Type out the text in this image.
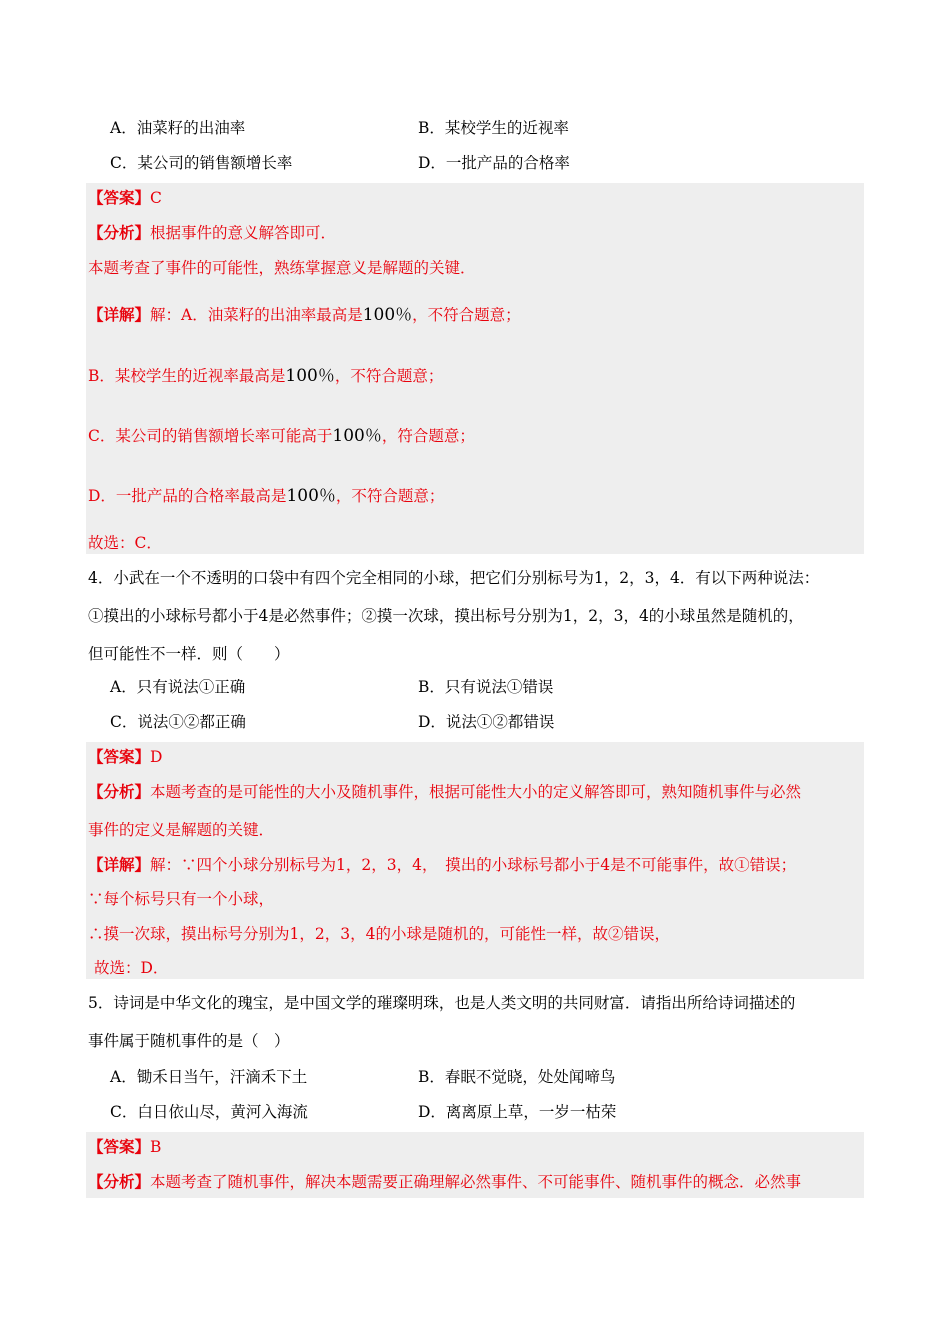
A．油菜籽的出油率	B．某校学生的近视率
C．某公司的销售额增长率	D．一批产品的合格率
【答案】C
【分析】根据事件的意义解答即可．
本题考查了事件的可能性，熟练掌握意义是解题的关键．
【详解】解：A．油菜籽的出油率最高是100％，不符合题意；
B．某校学生的近视率最高是100％，不符合题意；
C．某公司的销售额增长率可能高于100％，符合题意；
D．一批产品的合格率最高是100％，不符合题意；
故选：C．
4．小武在一个不透明的口袋中有四个完全相同的小球，把它们分别标号为1，2，3，4．有以下两种说法：
①摸出的小球标号都小于4是必然事件；②摸一次球，摸出标号分别为1，2，3，4的小球虽然是随机的，
但可能性不一样．则（　　）
A．只有说法①正确	B．只有说法①错误
C．说法①②都正确	D．说法①②都错误
【答案】D
【分析】本题考查的是可能性的大小及随机事件，根据可能性大小的定义解答即可，熟知随机事件与必然
事件的定义是解题的关键．
【详解】解：∵四个小球分别标号为1，2，3，4，　摸出的小球标号都小于4是不可能事件，故①错误；
∵每个标号只有一个小球，
∴摸一次球，摸出标号分别为1，2，3，4的小球是随机的，可能性一样，故②错误，
故选：D．
5．诗词是中华文化的瑰宝，是中国文学的璀璨明珠，也是人类文明的共同财富．请指出所给诗词描述的
事件属于随机事件的是（　）
A．锄禾日当午，汗滴禾下土	B．春眠不觉晓，处处闻啼鸟
C．白日依山尽，黄河入海流	D．离离原上草，一岁一枯荣
【答案】B
【分析】本题考查了随机事件，解决本题需要正确理解必然事件、不可能事件、随机事件的概念．必然事
